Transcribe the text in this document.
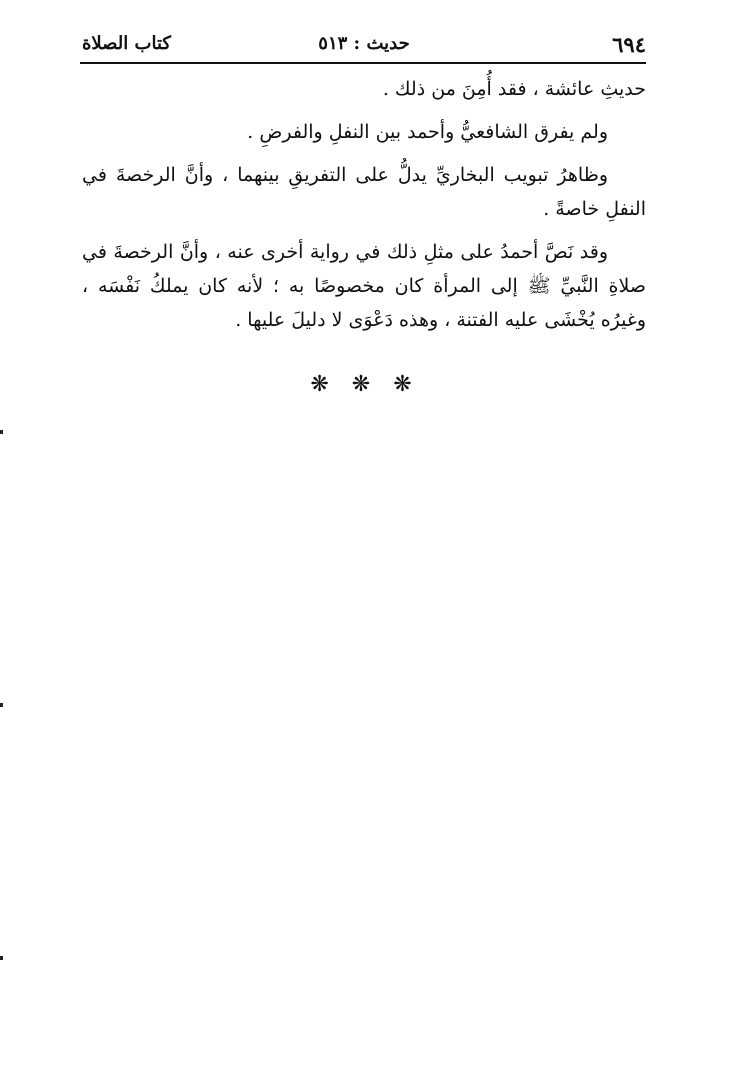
٦٩٤
حديث : ٥١٣
كتاب الصلاة

حديثِ عائشة ، فقد أُمِنَ من ذلك .

ولم يفرق الشافعيُّ وأحمد بين النفلِ والفرضِ .

وظاهرُ تبويب البخاريِّ يدلُّ على التفريقِ بينهما ، وأنَّ الرخصةَ في النفلِ خاصةً .

وقد نَصَّ أحمدُ على مثلِ ذلك في رواية أخرى عنه ، وأنَّ الرخصةَ في صلاةِ النَّبيِّ ﷺ إلى المرأة كان مخصوصًا به ؛ لأنه كان يملكُ نَفْسَه ، وغيرُه يُخْشَى عليه الفتنة ، وهذه دَعْوَى لا دليلَ عليها .

❋ ❋ ❋
